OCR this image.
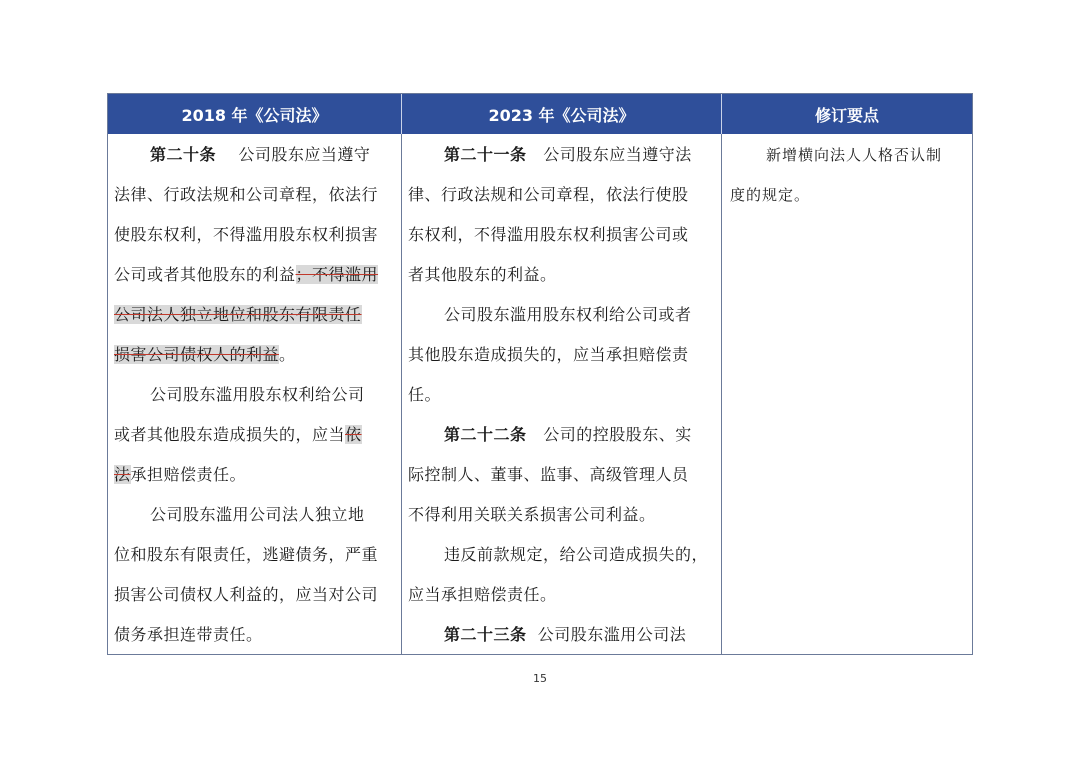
2018 年《公司法》	2023 年《公司法》	修订要点
第二十条 公司股东应当遵守
法律、行政法规和公司章程，依法行
使股东权利，不得滥用股东权利损害
公司或者其他股东的利益；不得滥用
公司法人独立地位和股东有限责任
损害公司债权人的利益。
公司股东滥用股东权利给公司
或者其他股东造成损失的，应当依
法承担赔偿责任。
公司股东滥用公司法人独立地
位和股东有限责任，逃避债务，严重
损害公司债权人利益的，应当对公司
债务承担连带责任。
第二十一条 公司股东应当遵守法
律、行政法规和公司章程，依法行使股
东权利，不得滥用股东权利损害公司或
者其他股东的利益。
公司股东滥用股东权利给公司或者
其他股东造成损失的，应当承担赔偿责
任。
第二十二条 公司的控股股东、实
际控制人、董事、监事、高级管理人员
不得利用关联关系损害公司利益。
违反前款规定，给公司造成损失的，
应当承担赔偿责任。
第二十三条 公司股东滥用公司法
新增横向法人人格否认制
度的规定。
15
